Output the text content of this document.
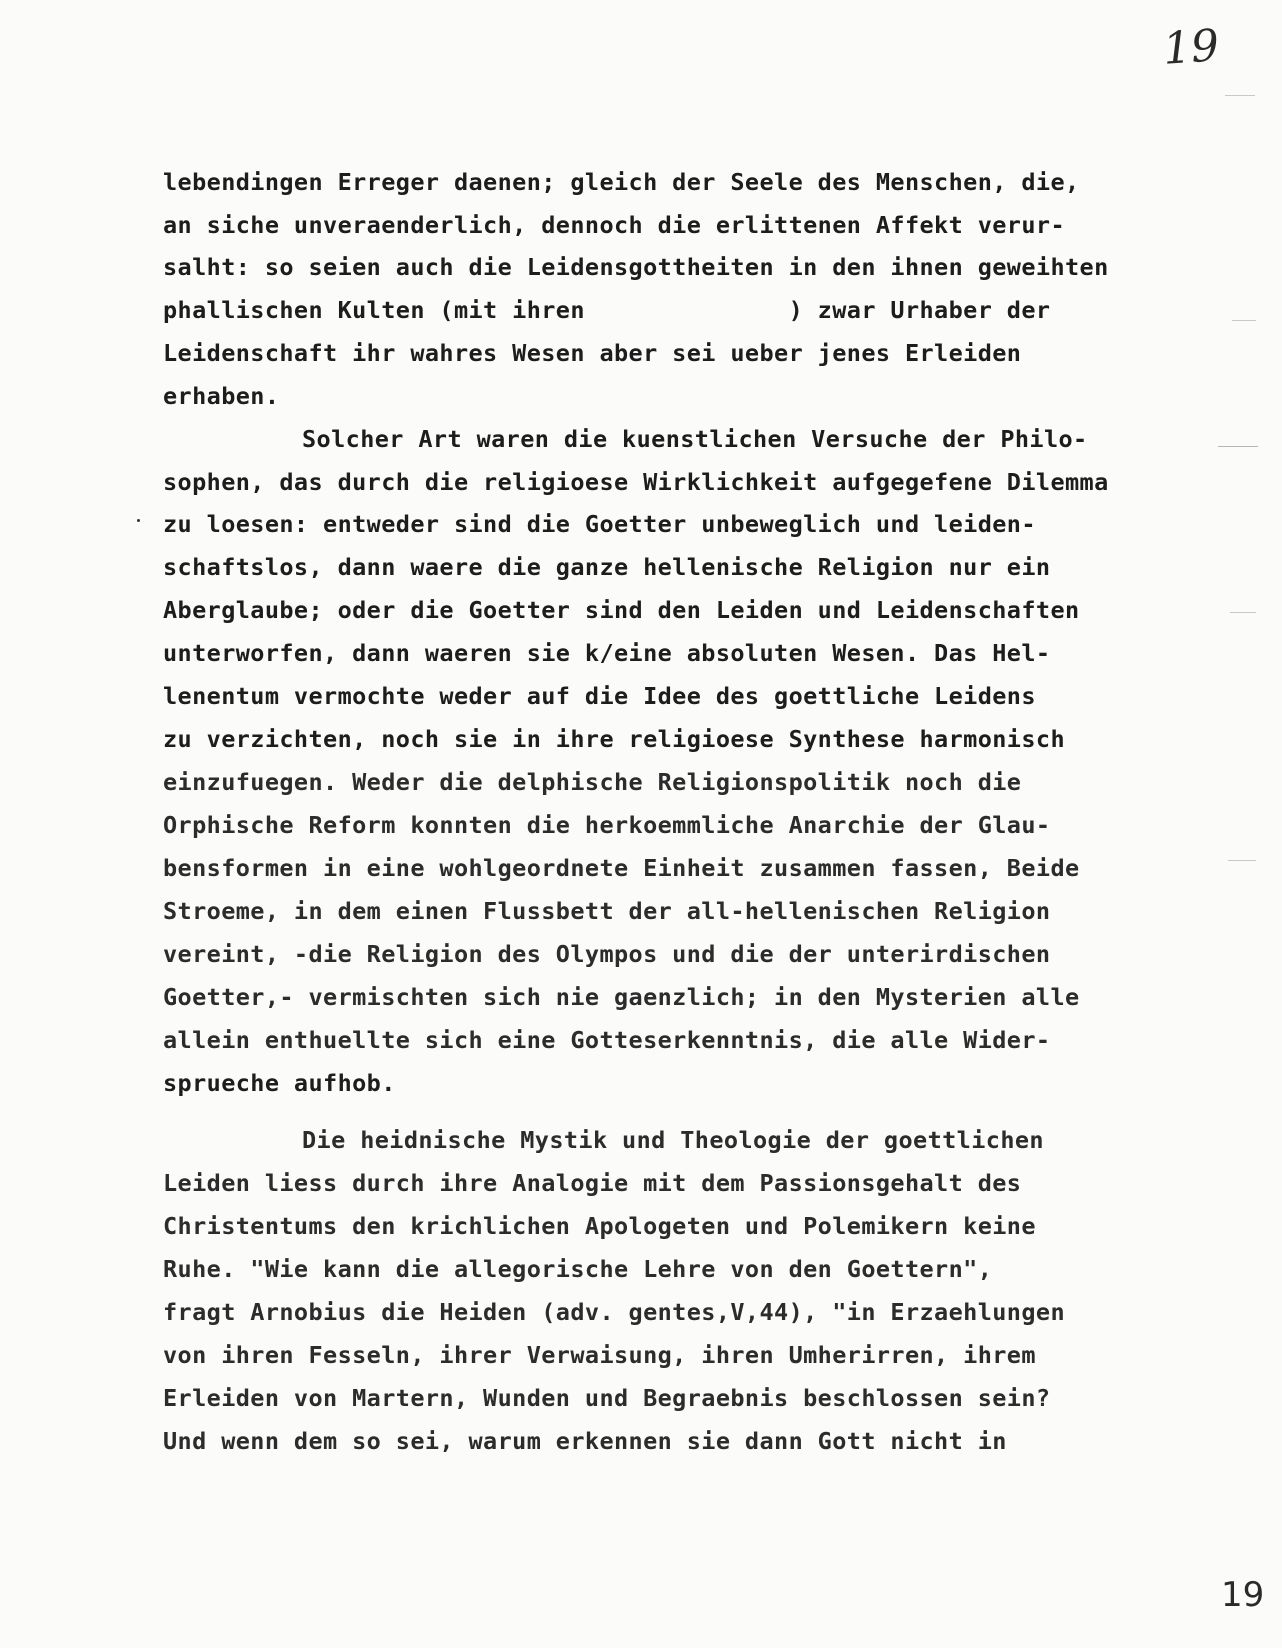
19
lebendingen Erreger daenen; gleich der Seele des Menschen, die,
an siche unveraenderlich, dennoch die erlittenen Affekt verur-
salht: so seien auch die Leidensgottheiten in den ihnen geweihten
phallischen Kulten (mit ihren              ) zwar Urhaber der
Leidenschaft ihr wahres Wesen aber sei ueber jenes Erleiden
erhaben.
Solcher Art waren die kuenstlichen Versuche der Philo-
sophen, das durch die religioese Wirklichkeit aufgegefene Dilemma
zu loesen: entweder sind die Goetter unbeweglich und leiden-
schaftslos, dann waere die ganze hellenische Religion nur ein
Aberglaube; oder die Goetter sind den Leiden und Leidenschaften
unterworfen, dann waeren sie k/eine absoluten Wesen. Das Hel-
lenentum vermochte weder auf die Idee des goettliche Leidens
zu verzichten, noch sie in ihre religioese Synthese harmonisch
einzufuegen. Weder die delphische Religionspolitik noch die
Orphische Reform konnten die herkoemmliche Anarchie der Glau-
bensformen in eine wohlgeordnete Einheit zusammen fassen, Beide
Stroeme, in dem einen Flussbett der all-hellenischen Religion
vereint, -die Religion des Olympos und die der unterirdischen
Goetter,- vermischten sich nie gaenzlich; in den Mysterien alle
allein enthuellte sich eine Gotteserkenntnis, die alle Wider-
sprueche aufhob.
Die heidnische Mystik und Theologie der goettlichen
Leiden liess durch ihre Analogie mit dem Passionsgehalt des
Christentums den krichlichen Apologeten und Polemikern keine
Ruhe. "Wie kann die allegorische Lehre von den Goettern",
fragt Arnobius die Heiden (adv. gentes,V,44), "in Erzaehlungen
von ihren Fesseln, ihrer Verwaisung, ihren Umherirren, ihrem
Erleiden von Martern, Wunden und Begraebnis beschlossen sein?
Und wenn dem so sei, warum erkennen sie dann Gott nicht in
19
